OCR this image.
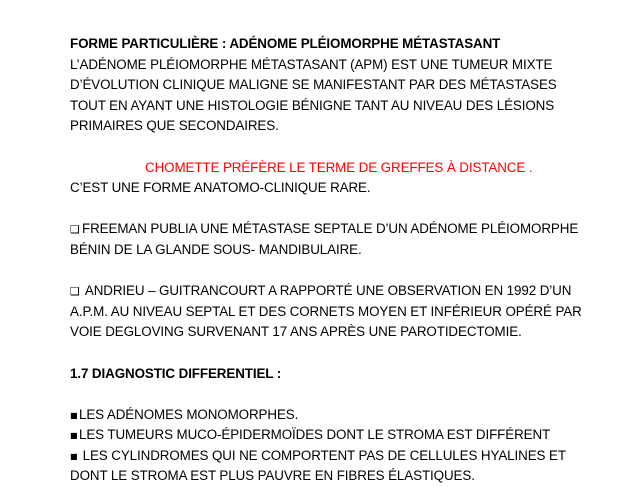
FORME PARTICULIÈRE : ADÉNOME PLÉIOMORPHE MÉTASTASANT
L’ADÉNOME PLÉIOMORPHE MÉTASTASANT (APM) EST UNE TUMEUR MIXTE
D’ÉVOLUTION CLINIQUE MALIGNE SE MANIFESTANT PAR DES MÉTASTASES
TOUT EN AYANT UNE HISTOLOGIE BÉNIGNE TANT AU NIVEAU DES LÉSIONS
PRIMAIRES QUE SECONDAIRES.
CHOMETTE PRÉFÈRE LE TERME DE GREFFES À DISTANCE .
C’EST UNE FORME ANATOMO-CLINIQUE RARE.
❑ FREEMAN PUBLIA UNE MÉTASTASE SEPTALE D’UN ADÉNOME PLÉIOMORPHE
BÉNIN DE LA GLANDE SOUS- MANDIBULAIRE.
❑ ANDRIEU – GUITRANCOURT A RAPPORTÉ UNE OBSERVATION EN 1992 D’UN
A.P.M. AU NIVEAU SEPTAL ET DES CORNETS MOYEN ET INFÉRIEUR OPÉRÉ PAR
VOIE DEGLOVING SURVENANT 17 ANS APRÈS UNE PAROTIDECTOMIE.
1.7 DIAGNOSTIC DIFFERENTIEL :
■ LES ADÉNOMES MONOMORPHES.
■ LES TUMEURS MUCO-ÉPIDERMOÏDES DONT LE STROMA EST DIFFÉRENT
■ LES CYLINDROMES QUI NE COMPORTENT PAS DE CELLULES HYALINES ET
DONT LE STROMA EST PLUS PAUVRE EN FIBRES ÉLASTIQUES.
